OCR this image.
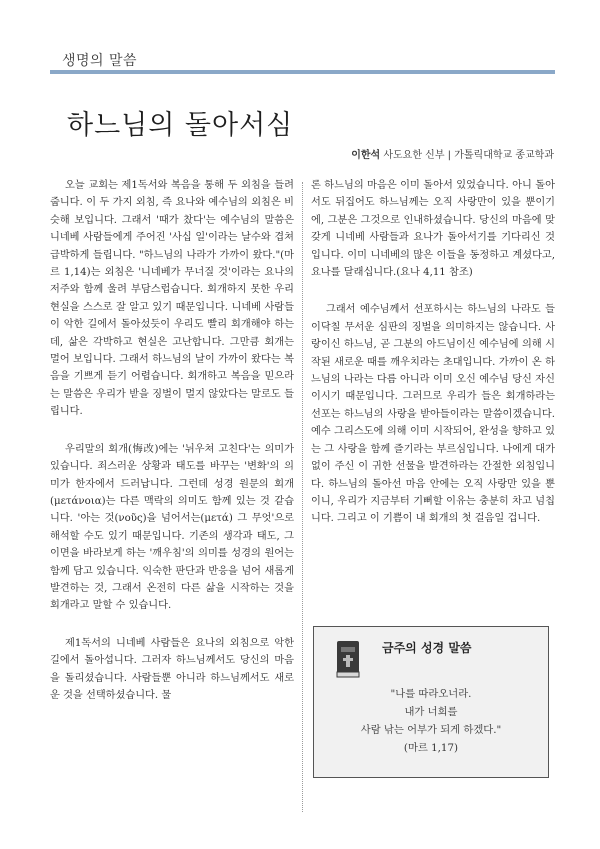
생명의 말씀
하느님의 돌아서심
이한석 사도요한 신부 | 가톨릭대학교 종교학과

오늘 교회는 제1독서와 복음을 통해 두 외침을 들려줍니다. 이 두 가지 외침, 즉 요나와 예수님의 외침은 비슷해 보입니다. 그래서 '때가 찼다'는 예수님의 말씀은 니네베 사람들에게 주어진 '사십 일'이라는 날수와 겹쳐 급박하게 들립니다. "하느님의 나라가 가까이 왔다."(마르 1,14)는 외침은 '니네베가 무너질 것'이라는 요나의 저주와 함께 울려 부담스럽습니다. 회개하지 못한 우리 현실을 스스로 잘 알고 있기 때문입니다. 니네베 사람들이 악한 길에서 돌아섰듯이 우리도 빨리 회개해야 하는데, 삶은 각박하고 현실은 고난합니다. 그만큼 회개는 멀어 보입니다. 그래서 하느님의 날이 가까이 왔다는 복음을 기쁘게 듣기 어렵습니다. 회개하고 복음을 믿으라는 말씀은 우리가 받을 징벌이 멀지 않았다는 말로도 들립니다.

우리말의 회개(悔改)에는 '뉘우쳐 고친다'는 의미가 있습니다. 죄스러운 상황과 태도를 바꾸는 '변화'의 의미가 한자에서 드러납니다. 그런데 성경 원문의 회개(μετάνοια)는 다른 맥락의 의미도 함께 있는 것 같습니다. '아는 것(νοῦς)을 넘어서는(μετά) 그 무엇'으로 해석할 수도 있기 때문입니다. 기존의 생각과 태도, 그 이면을 바라보게 하는 '깨우침'의 의미를 성경의 원어는 함께 담고 있습니다. 익숙한 판단과 반응을 넘어 새롭게 발견하는 것, 그래서 온전히 다른 삶을 시작하는 것을 회개라고 말할 수 있습니다.

제1독서의 니네베 사람들은 요나의 외침으로 악한 길에서 돌아섭니다. 그러자 하느님께서도 당신의 마음을 돌리셨습니다. 사람들뿐 아니라 하느님께서도 새로운 것을 선택하셨습니다. 물

론 하느님의 마음은 이미 돌아서 있었습니다. 아니 돌아서도 뒤집어도 하느님께는 오직 사랑만이 있을 뿐이기에, 그분은 그것으로 인내하셨습니다. 당신의 마음에 맞갖게 니네베 사람들과 요나가 돌아서기를 기다리신 것입니다. 이미 니네베의 많은 이들을 동정하고 계셨다고, 요나를 달래십니다.(요나 4,11 참조)

그래서 예수님께서 선포하시는 하느님의 나라도 들이닥칠 무서운 심판의 징벌을 의미하지는 않습니다. 사랑이신 하느님, 곧 그분의 아드님이신 예수님에 의해 시작된 새로운 때를 깨우치라는 초대입니다. 가까이 온 하느님의 나라는 다름 아니라 이미 오신 예수님 당신 자신이시기 때문입니다. 그러므로 우리가 들은 회개하라는 선포는 하느님의 사랑을 받아들이라는 말씀이겠습니다. 예수 그리스도에 의해 이미 시작되어, 완성을 향하고 있는 그 사랑을 함께 즐기라는 부르심입니다. 나에게 대가 없이 주신 이 귀한 선물을 발견하라는 간절한 외침입니다. 하느님의 돌아선 마음 안에는 오직 사랑만 있을 뿐이니, 우리가 지금부터 기뻐할 이유는 충분히 차고 넘칩니다. 그리고 이 기쁨이 내 회개의 첫 걸음일 겁니다.

금주의 성경 말씀
"나를 따라오너라.
내가 너희를
사람 낚는 어부가 되게 하겠다."
(마르 1,17)
